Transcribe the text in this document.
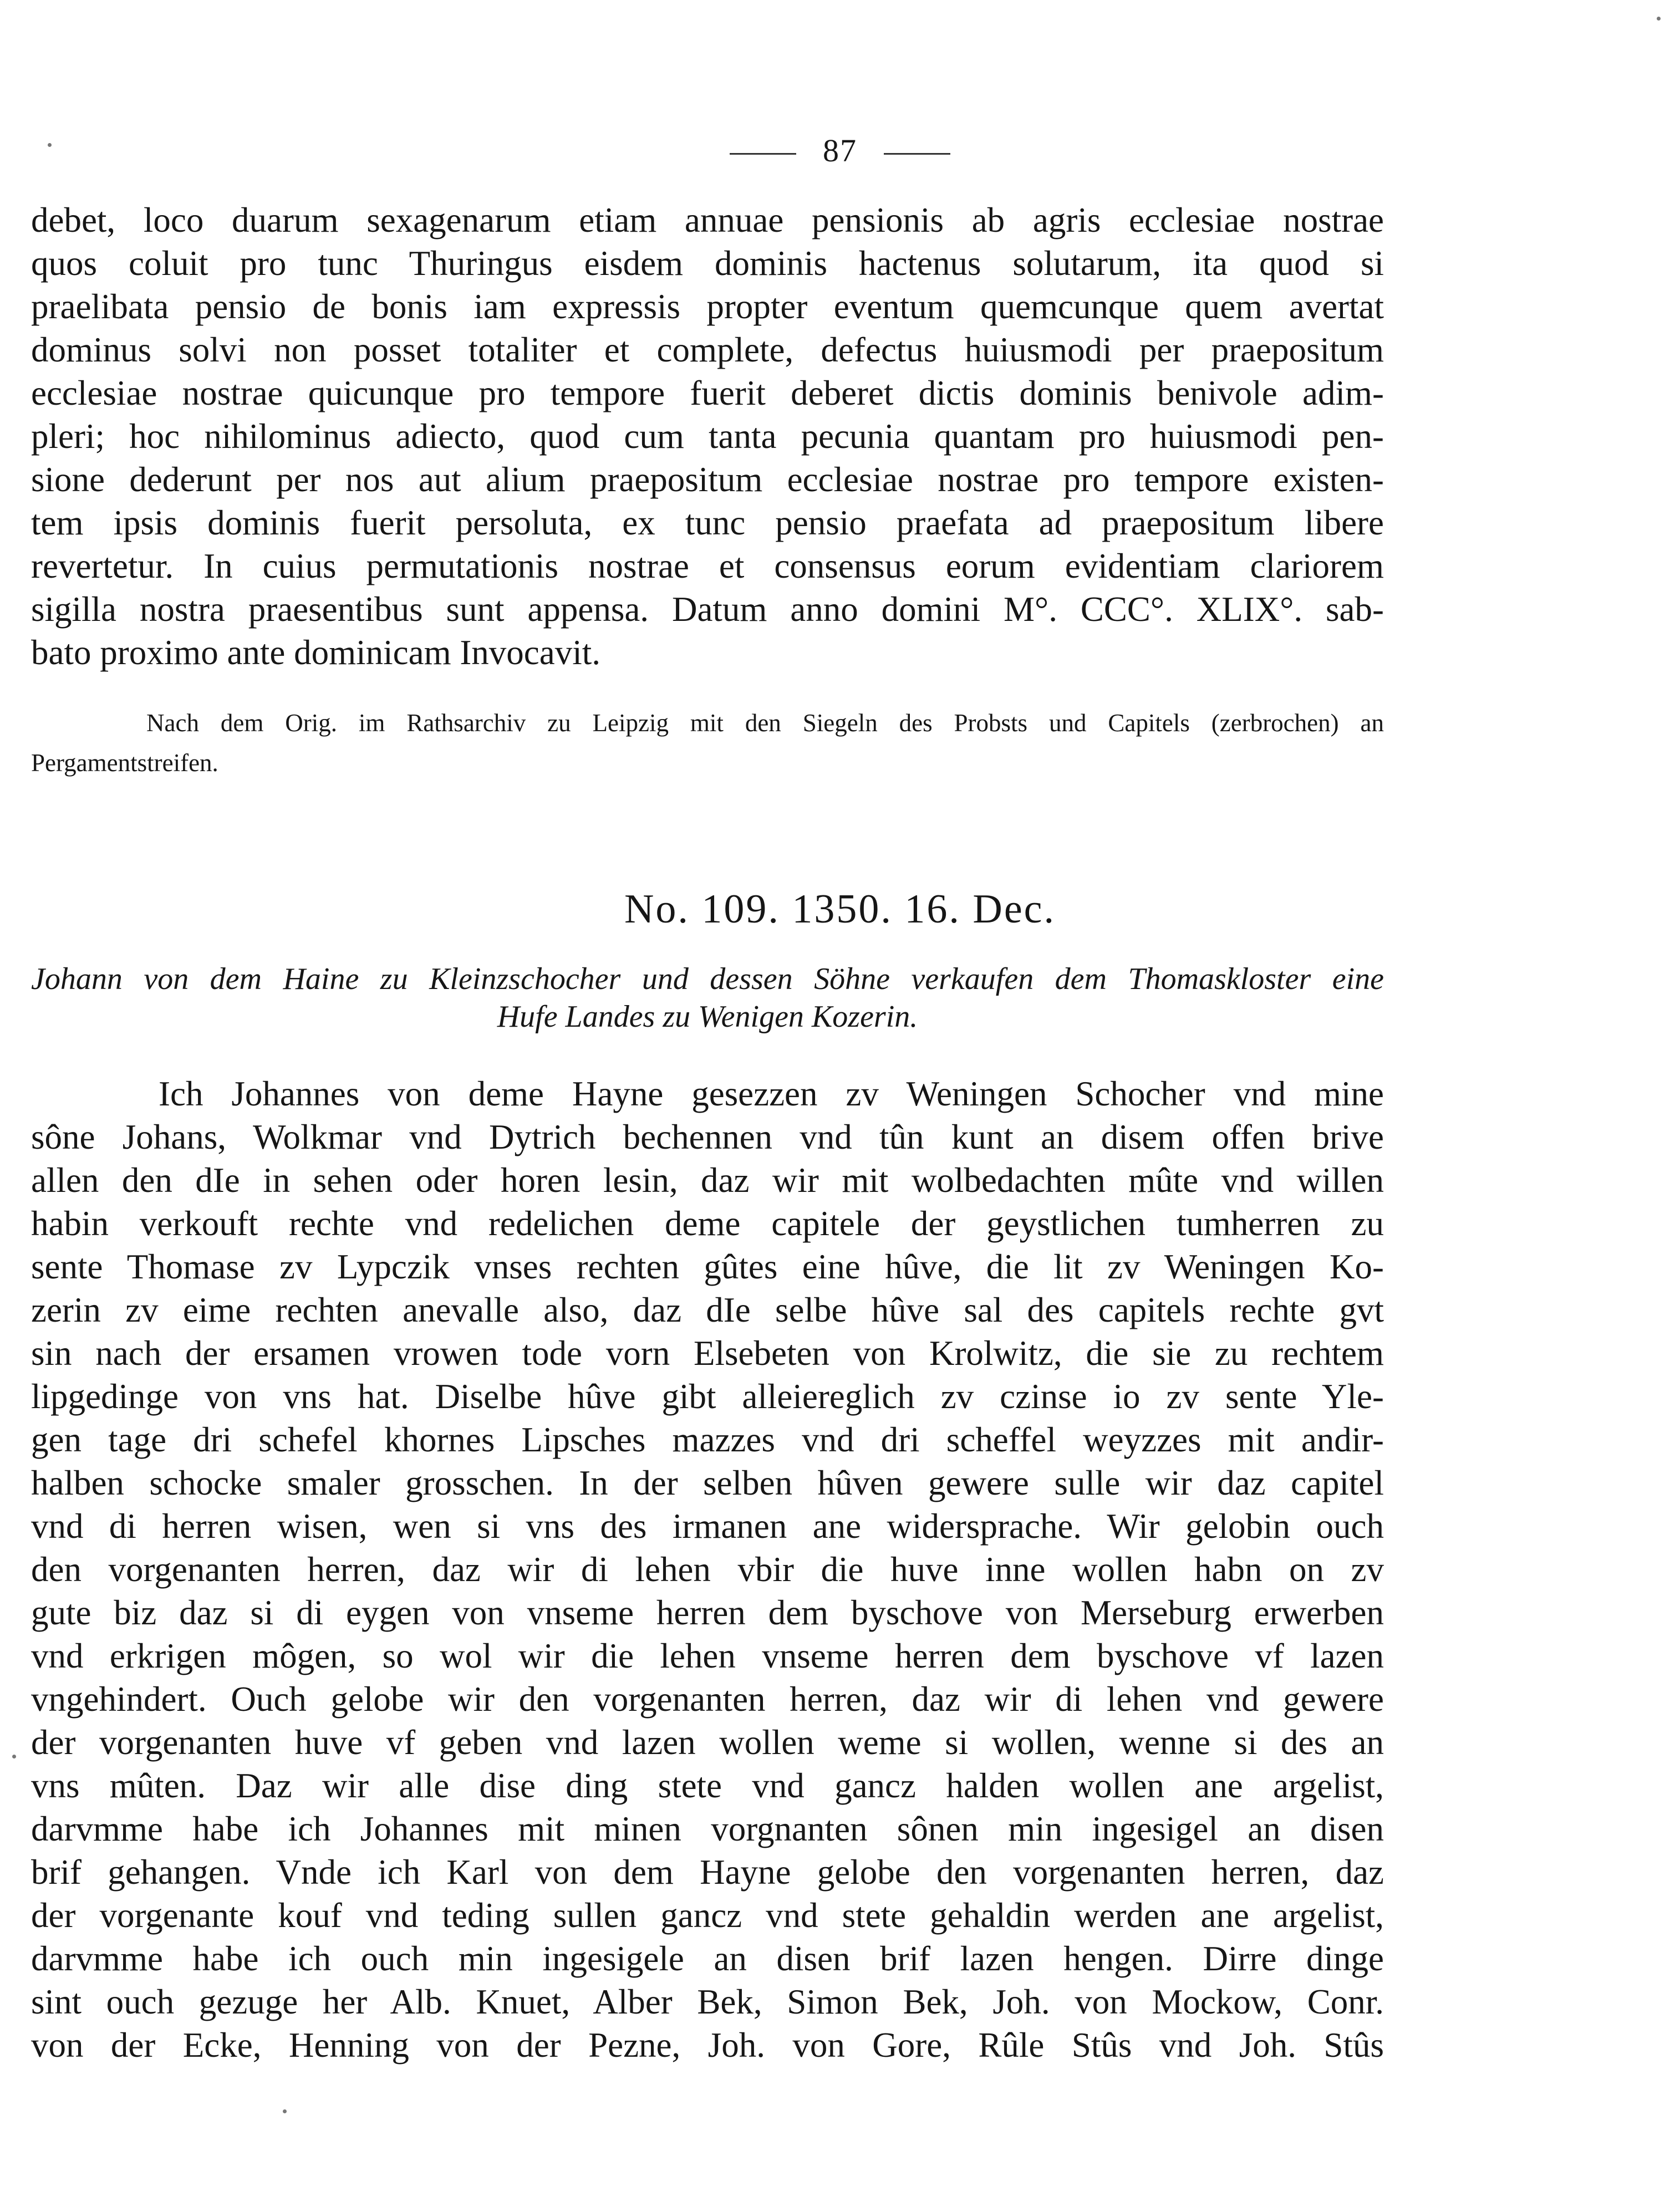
87
debet, loco duarum sexagenarum etiam annuae pensionis ab agris ecclesiae nostrae
quos coluit pro tunc Thuringus eisdem dominis hactenus solutarum, ita quod si
praelibata pensio de bonis iam expressis propter eventum quemcunque quem avertat
dominus solvi non posset totaliter et complete, defectus huiusmodi per praepositum
ecclesiae nostrae quicunque pro tempore fuerit deberet dictis dominis benivole adim-
pleri; hoc nihilominus adiecto, quod cum tanta pecunia quantam pro huiusmodi pen-
sione dederunt per nos aut alium praepositum ecclesiae nostrae pro tempore existen-
tem ipsis dominis fuerit persoluta, ex tunc pensio praefata ad praepositum libere
revertetur. In cuius permutationis nostrae et consensus eorum evidentiam clariorem
sigilla nostra praesentibus sunt appensa. Datum anno domini M°. CCC°. XLIX°. sab-
bato proximo ante dominicam Invocavit.
Nach dem Orig. im Rathsarchiv zu Leipzig mit den Siegeln des Probsts und Capitels (zerbrochen) an
Pergamentstreifen.
No. 109. 1350. 16. Dec.
Johann von dem Haine zu Kleinzschocher und dessen Söhne verkaufen dem Thomaskloster eine
Hufe Landes zu Wenigen Kozerin.
Ich Johannes von deme Hayne gesezzen zv Weningen Schocher vnd mine
sône Johans, Wolkmar vnd Dytrich bechennen vnd tûn kunt an disem offen brive
allen den dIe in sehen oder horen lesin, daz wir mit wolbedachten mûte vnd willen
habin verkouft rechte vnd redelichen deme capitele der geystlichen tumherren zu
sente Thomase zv Lypczik vnses rechten gûtes eine hûve, die lit zv Weningen Ko-
zerin zv eime rechten anevalle also, daz dIe selbe hûve sal des capitels rechte gvt
sin nach der ersamen vrowen tode vorn Elsebeten von Krolwitz, die sie zu rechtem
lipgedinge von vns hat. Diselbe hûve gibt alleiereglich zv czinse io zv sente Yle-
gen tage dri schefel khornes Lipsches mazzes vnd dri scheffel weyzzes mit andir-
halben schocke smaler grosschen. In der selben hûven gewere sulle wir daz capitel
vnd di herren wisen, wen si vns des irmanen ane widersprache. Wir gelobin ouch
den vorgenanten herren, daz wir di lehen vbir die huve inne wollen habn on zv
gute biz daz si di eygen von vnseme herren dem byschove von Merseburg erwerben
vnd erkrigen môgen, so wol wir die lehen vnseme herren dem byschove vf lazen
vngehindert. Ouch gelobe wir den vorgenanten herren, daz wir di lehen vnd gewere
der vorgenanten huve vf geben vnd lazen wollen weme si wollen, wenne si des an
vns mûten. Daz wir alle dise ding stete vnd gancz halden wollen ane argelist,
darvmme habe ich Johannes mit minen vorgnanten sônen min ingesigel an disen
brif gehangen. Vnde ich Karl von dem Hayne gelobe den vorgenanten herren, daz
der vorgenante kouf vnd teding sullen gancz vnd stete gehaldin werden ane argelist,
darvmme habe ich ouch min ingesigele an disen brif lazen hengen. Dirre dinge
sint ouch gezuge her Alb. Knuet, Alber Bek, Simon Bek, Joh. von Mockow, Conr.
von der Ecke, Henning von der Pezne, Joh. von Gore, Rûle Stûs vnd Joh. Stûs
